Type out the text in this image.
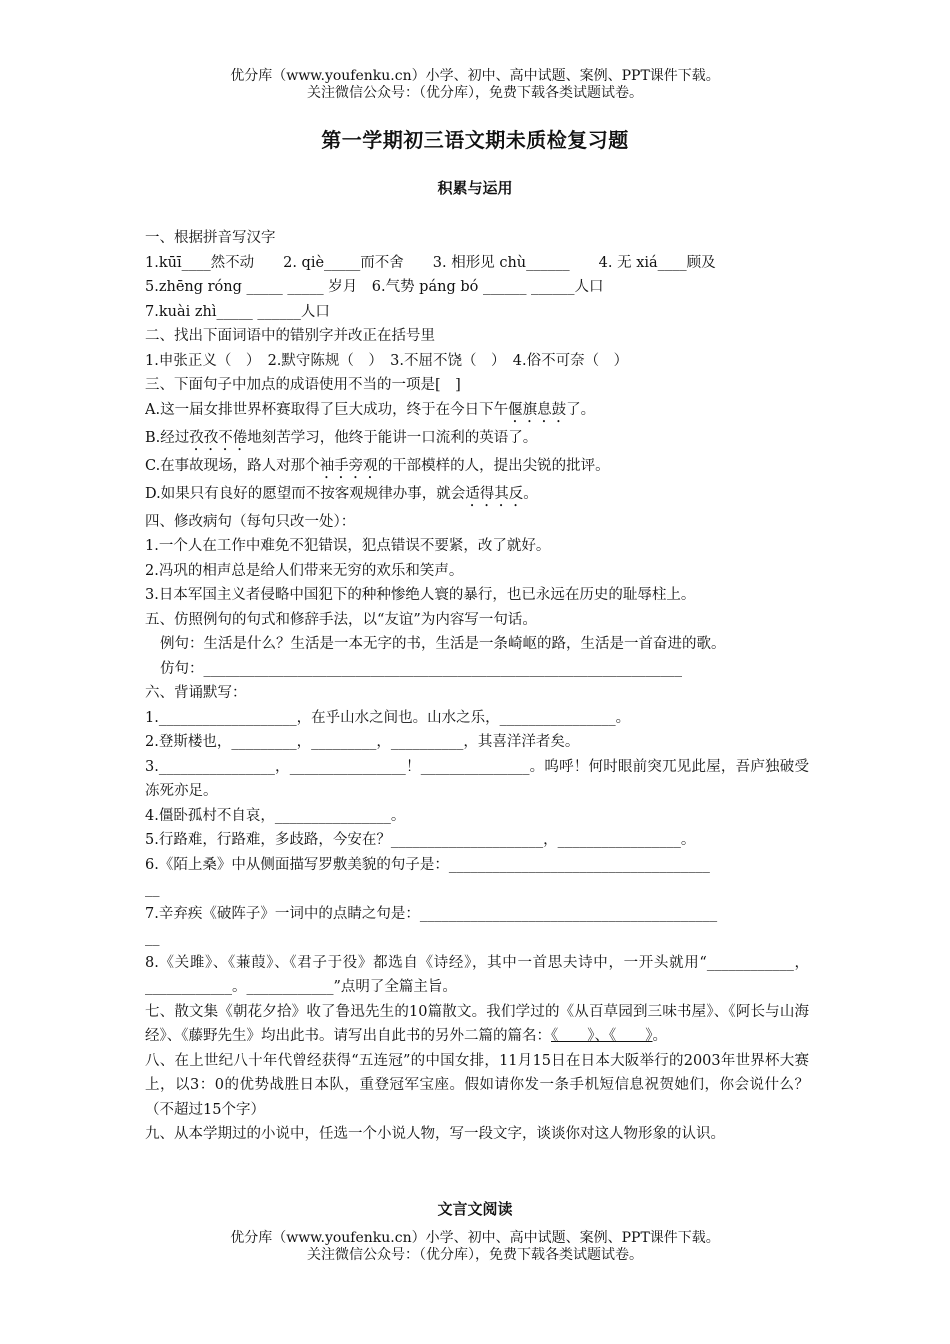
优分库（www.youfenku.cn）小学、初中、高中试题、案例、PPT课件下载。
关注微信公众号：（优分库），免费下载各类试题试卷。
第一学期初三语文期未质检复习题
积累与运用
一、根据拼音写汉字
1.kūī____然不动　　2. qiè_____而不舍　　3. 相形见 chù______　　4. 无 xiá____顾及
5.zhēng róng _____ _____ 岁月　6.气势 páng bó ______ ______人口
7.kuài zhì_____ ______人口
二、找出下面词语中的错别字并改正在括号里
1.申张正义（　）　2.默守陈规（　）　3.不屈不饶（　）　4.俗不可奈（　）
三、下面句子中加点的成语使用不当的一项是[　]
A.这一届女排世界杯赛取得了巨大成功，终于在今日下午偃旗息鼓了。
B.经过孜孜不倦地刻苦学习，他终于能讲一口流利的英语了。
C.在事故现场，路人对那个袖手旁观的干部模样的人，提出尖锐的批评。
D.如果只有良好的愿望而不按客观规律办事，就会适得其反。
四、修改病句（每句只改一处）：
1.一个人在工作中难免不犯错误，犯点错误不要紧，改了就好。
2.冯巩的相声总是给人们带来无穷的欢乐和笑声。
3.日本军国主义者侵略中国犯下的种种惨绝人寰的暴行，也已永远在历史的耻辱柱上。
五、仿照例句的句式和修辞手法，以“友谊”为内容写一句话。
例句：生活是什么？生活是一本无字的书，生活是一条崎岖的路，生活是一首奋进的歌。
仿句：__________________________________________________________________
六、背诵默写：
1.___________________，在乎山水之间也。山水之乐，________________。
2.登斯楼也，_________，_________，__________，其喜洋洋者矣。
3.________________，________________！_______________。呜呼！何时眼前突兀见此屋，吾庐独破受冻死亦足。
4.僵卧孤村不自哀，________________。
5.行路难，行路难，多歧路，今安在？_____________________，_________________。
6.《陌上桑》中从侧面描写罗敷美貌的句子是：____________________________________
__
7.辛弃疾《破阵子》一词中的点睛之句是：_________________________________________
__
8.《关雎》、《蒹葭》、《君子于役》都选自《诗经》，其中一首思夫诗中，一开头就用“____________，____________。____________”点明了全篇主旨。
七、散文集《朝花夕拾》收了鲁迅先生的10篇散文。我们学过的《从百草园到三味书屋》、《阿长与山海经》、《藤野先生》均出此书。请写出自此书的另外二篇的篇名：《　　》、《　　》。
八、在上世纪八十年代曾经获得“五连冠”的中国女排，11月15日在日本大阪举行的2003年世界杯大赛上，以3：0的优势战胜日本队，重登冠军宝座。假如请你发一条手机短信息祝贺她们，你会说什么？（不超过15个字）
九、从本学期过的小说中，任选一个小说人物，写一段文字，谈谈你对这人物形象的认识。
文言文阅读
优分库（www.youfenku.cn）小学、初中、高中试题、案例、PPT课件下载。
关注微信公众号：（优分库），免费下载各类试题试卷。
